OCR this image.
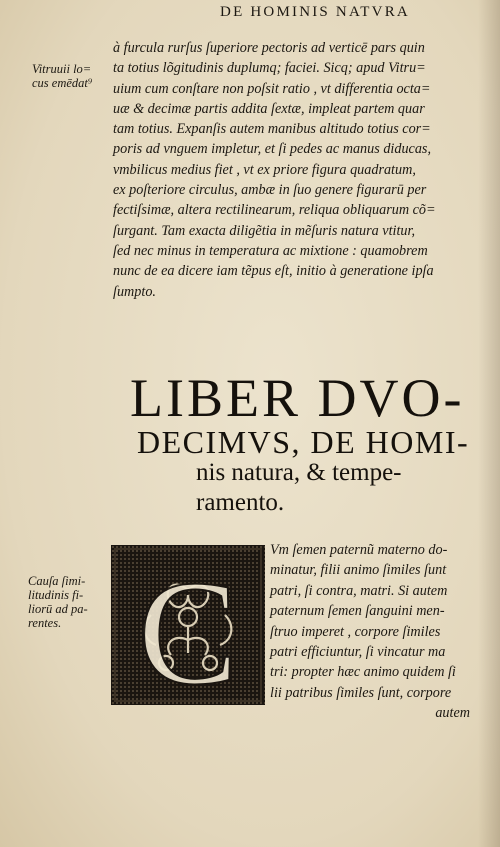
DE HOMINIS NATVRA
Vitruuii lo=
cus emēdat⁹
à furcula rurſus ſuperiore pectoris ad verticē pars quin
ta totius lõgitudinis duplumq; faciei. Sicq; apud Vitru=
uium cum conſtare non poſsit ratio , vt differentia octa=
uæ & decimæ partis addita ſextæ, impleat partem quar
tam totius. Expanſis autem manibus altitudo totius cor=
poris ad vnguem impletur, et ſi pedes ac manus diducas,
vmbilicus medius fiet , vt ex priore figura quadratum,
ex poſteriore circulus, ambæ in ſuo genere figurarū per
fectiſsimæ, altera rectilinearum, reliqua obliquarum cõ=
ſurgant. Tam exacta diligẽtia in mẽſuris natura vtitur,
ſed nec minus in temperatura ac mixtione : quamobrem
nunc de ea dicere iam tẽpus eſt, initio à generatione ipſa
ſumpto.
LIBER DVO-
DECIMVS, DE HOMI-
nis natura, & tempe-
ramento.
Cauſa ſimi-
litudinis fi-
liorū ad pa-
rentes. C Vm ſemen paternũ materno do-
minatur, filii animo ſimiles ſunt
patri, ſi contra, matri. Si autem
paternum ſemen ſanguini men-
ſtruo imperet , corpore ſimiles
patri efficiuntur, ſi vincatur ma
tri: propter hæc animo quidem ſi
lii patribus ſimiles ſunt, corpore
autem
